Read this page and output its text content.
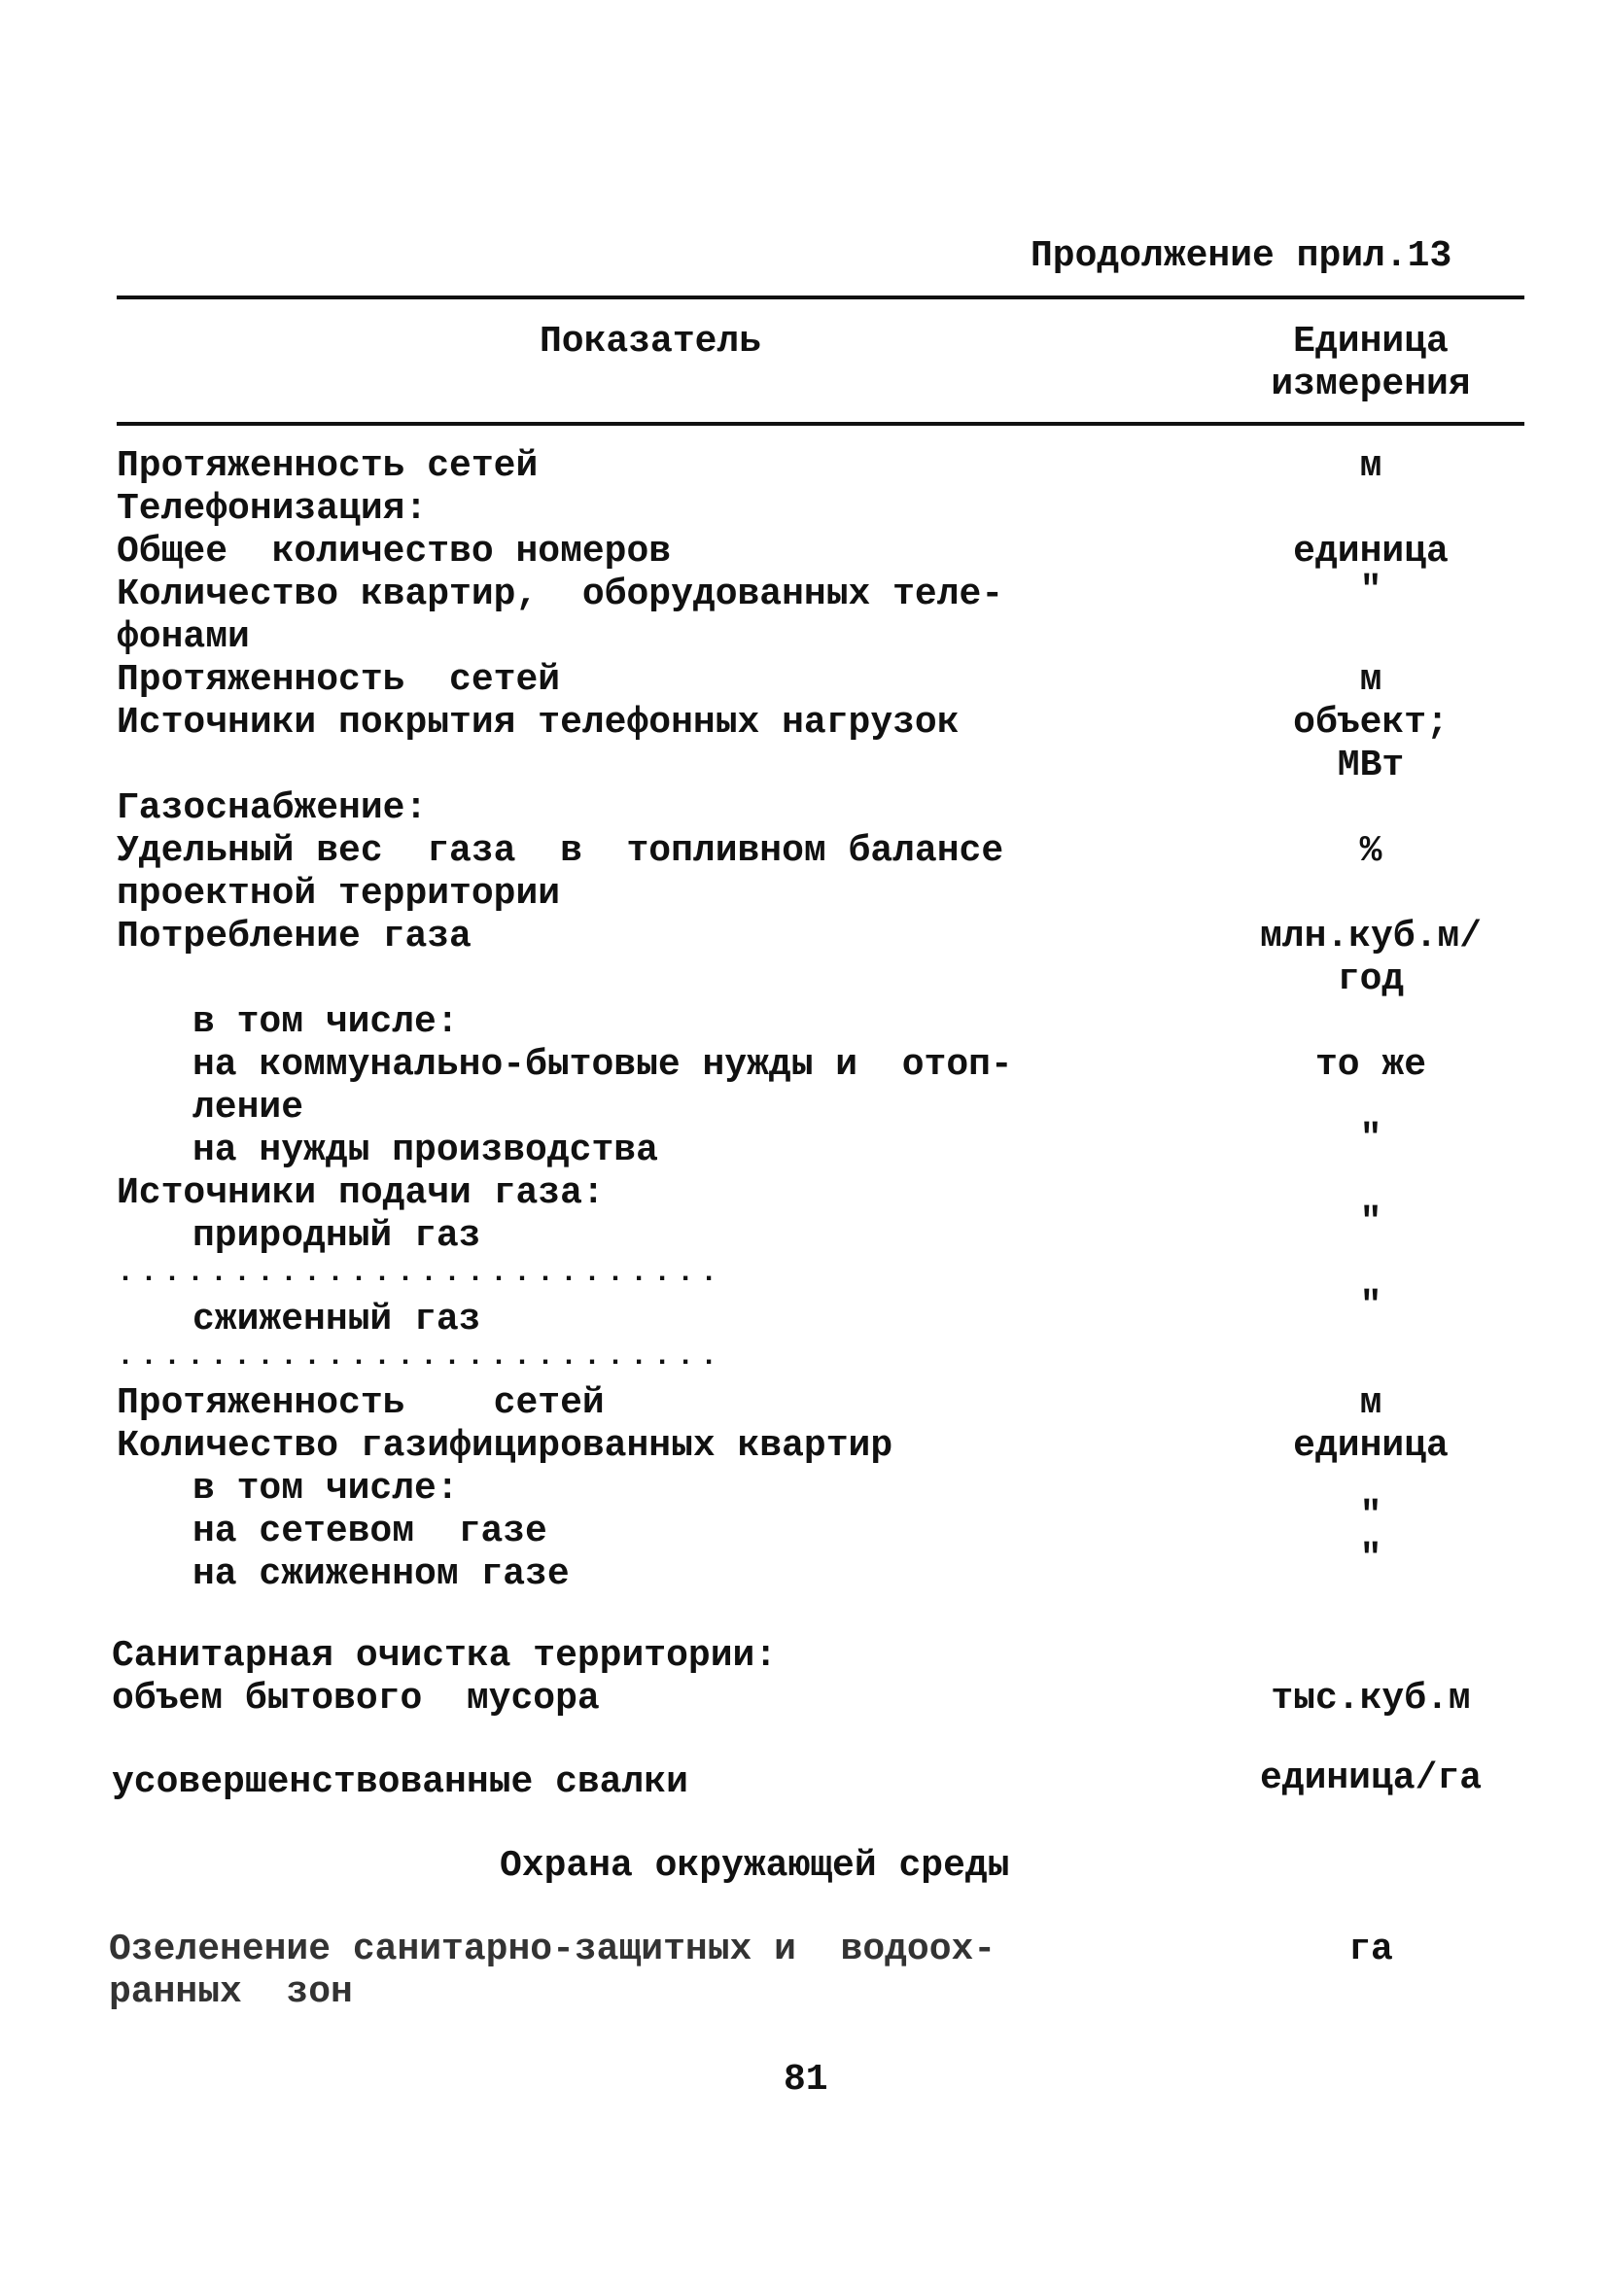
Продолжение прил.13
Показатель	Единица
измерения
Протяженность сетей	м
Телефонизация:
Общее  количество номеров	единица
Количество квартир,  оборудованных теле-	"
фонами
Протяженность  сетей	м
Источники покрытия телефонных нагрузок	объект;
МВт
Газоснабжение:
Удельный вес  газа  в  топливном балансе	%
проектной территории
Потребление газа	млн.куб.м/
год
в том числе:
на коммунально-бытовые нужды и  отоп-	то же
ление
на нужды производства	"
Источники подачи газа:
природный газ	"
..........................
сжиженный газ	"
..........................
Протяженность    сетей	м
Количество газифицированных квартир	единица
в том числе:
на сетевом  газе	"
на сжиженном газе	"
Санитарная очистка территории:
объем бытового  мусора	тыс.куб.м
усовершенствованные свалки	единица/га
Охрана окружающей среды
Озеленение санитарно-защитных и  водоох-	га
ранных  зон
81
